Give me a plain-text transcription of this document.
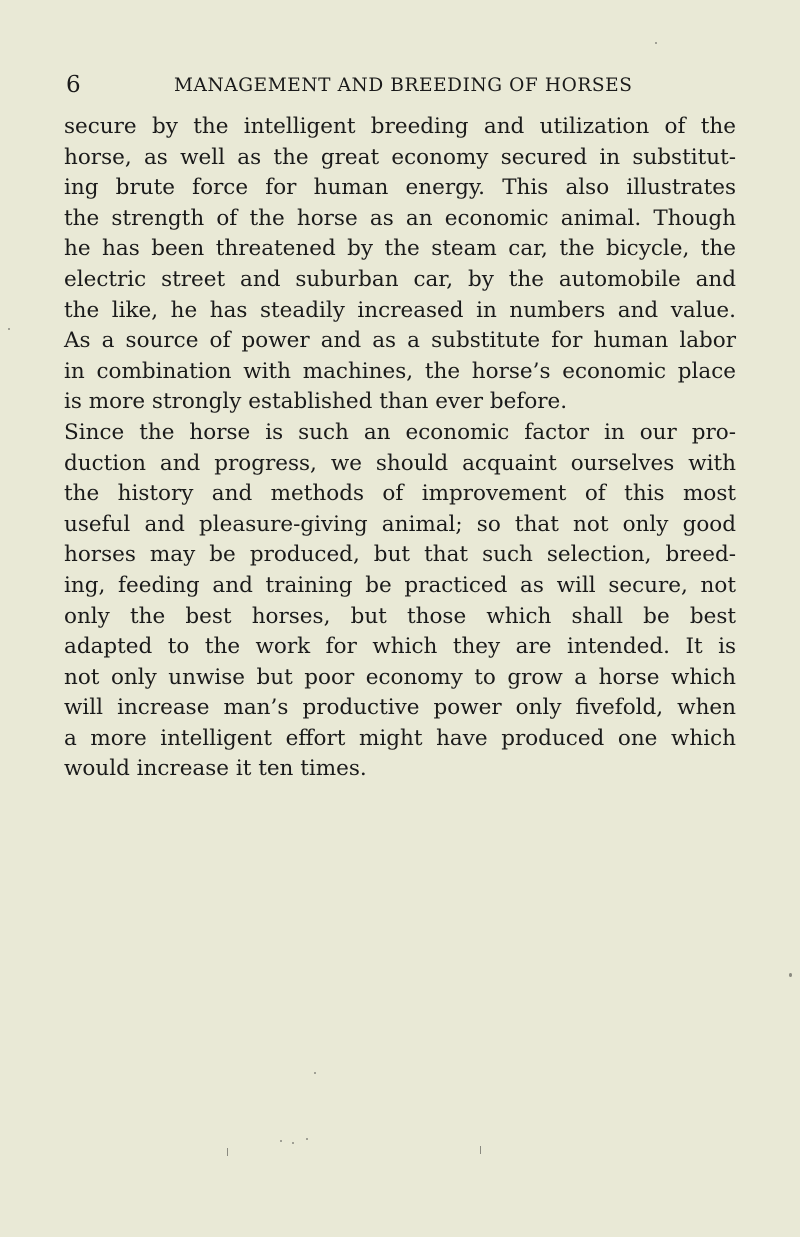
6	MANAGEMENT AND BREEDING OF HORSES
secure by the intelligent breeding and utilization of the
horse, as well as the great economy secured in substitut-
ing brute force for human energy. This also illustrates
the strength of the horse as an economic animal. Though
he has been threatened by the steam car, the bicycle, the
electric street and suburban car, by the automobile and
the like, he has steadily increased in numbers and value.
As a source of power and as a substitute for human labor
in combination with machines, the horse’s economic place
is more strongly established than ever before.
Since the horse is such an economic factor in our pro-
duction and progress, we should acquaint ourselves with
the history and methods of improvement of this most
useful and pleasure-giving animal; so that not only good
horses may be produced, but that such selection, breed-
ing, feeding and training be practiced as will secure, not
only the best horses, but those which shall be best
adapted to the work for which they are intended. It is
not only unwise but poor economy to grow a horse which
will increase man’s productive power only fivefold, when
a more intelligent effort might have produced one which
would increase it ten times.
